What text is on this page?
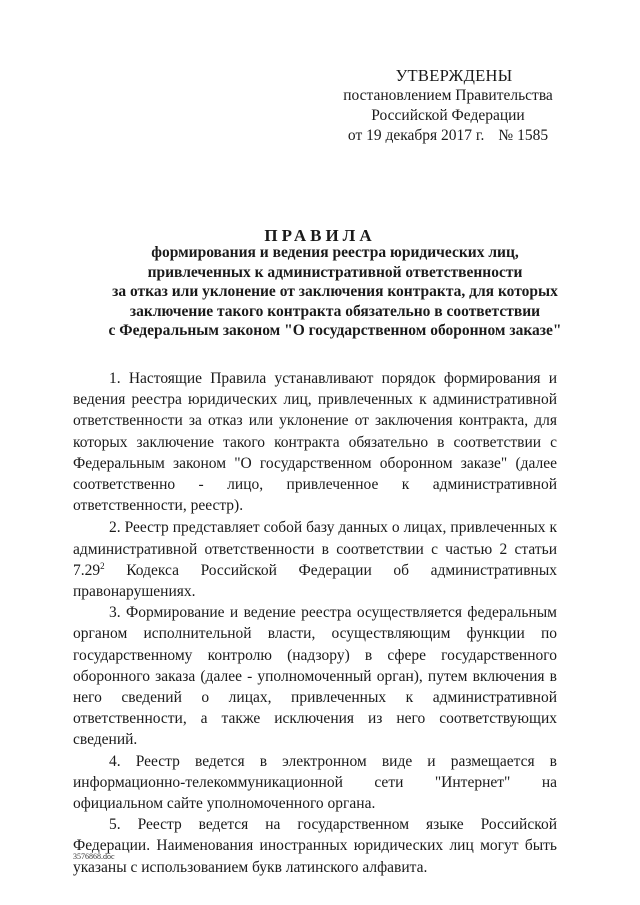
УТВЕРЖДЕНЫ
постановлением Правительства
Российской Федерации
от 19 декабря 2017 г. № 1585
ПРАВИЛА
формирования и ведения реестра юридических лиц,
привлеченных к административной ответственности
за отказ или уклонение от заключения контракта, для которых
заключение такого контракта обязательно в соответствии
с Федеральным законом "О государственном оборонном заказе"

1. Настоящие Правила устанавливают порядок формирования и ведения реестра юридических лиц, привлеченных к административной ответственности за отказ или уклонение от заключения контракта, для которых заключение такого контракта обязательно в соответствии с Федеральным законом "О государственном оборонном заказе" (далее соответственно - лицо, привлеченное к административной ответственности, реестр).

2. Реестр представляет собой базу данных о лицах, привлеченных к административной ответственности в соответствии с частью 2 статьи 7.29$^2$ Кодекса Российской Федерации об административных правонарушениях.

3. Формирование и ведение реестра осуществляется федеральным органом исполнительной власти, осуществляющим функции по государственному контролю (надзору) в сфере государственного оборонного заказа (далее - уполномоченный орган), путем включения в него сведений о лицах, привлеченных к административной ответственности, а также исключения из него соответствующих сведений.

4. Реестр ведется в электронном виде и размещается в информационно-телекоммуникационной сети "Интернет" на официальном сайте уполномоченного органа.

5. Реестр ведется на государственном языке Российской Федерации. Наименования иностранных юридических лиц могут быть указаны с использованием букв латинского алфавита.

3576868.doc
